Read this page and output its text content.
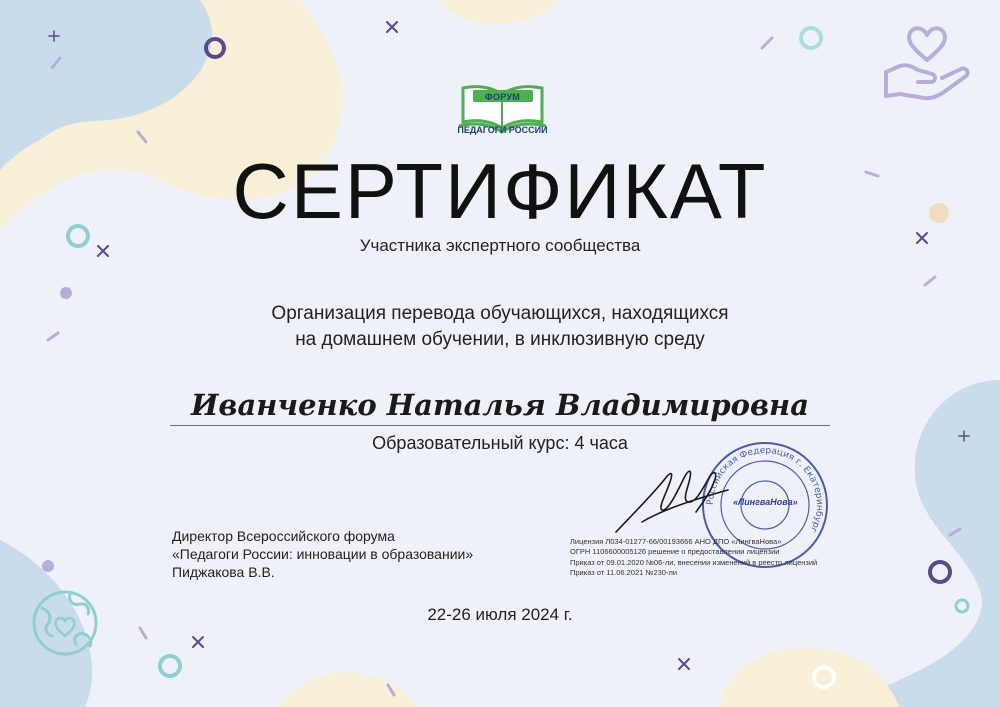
ФОРУМ
ПЕДАГОГИ РОССИИ
СЕРТИФИКАТ
Участника экспертного сообщества
Организация перевода обучающихся, находящихся
на домашнем обучении, в инклюзивную среду
Иванченко Наталья Владимировна
Образовательный курс: 4 часа
Директор Всероссийского форума
«Педагоги России: инновации в образовании»
Пиджакова В.В.
Российская Федерация г. Екатеринбург
«ЛингваНова»
Лицензия Л034-01277-66/00193666 АНО ДПО «ЛингваНова»
ОГРН 1106600005126 решение о предоставлении лицензии
Приказ от 09.01.2020 №06-ли, внесении изменений в реестр лицензий
Приказ от 11.06.2021 №230-ли
22-26 июля 2024 г.
